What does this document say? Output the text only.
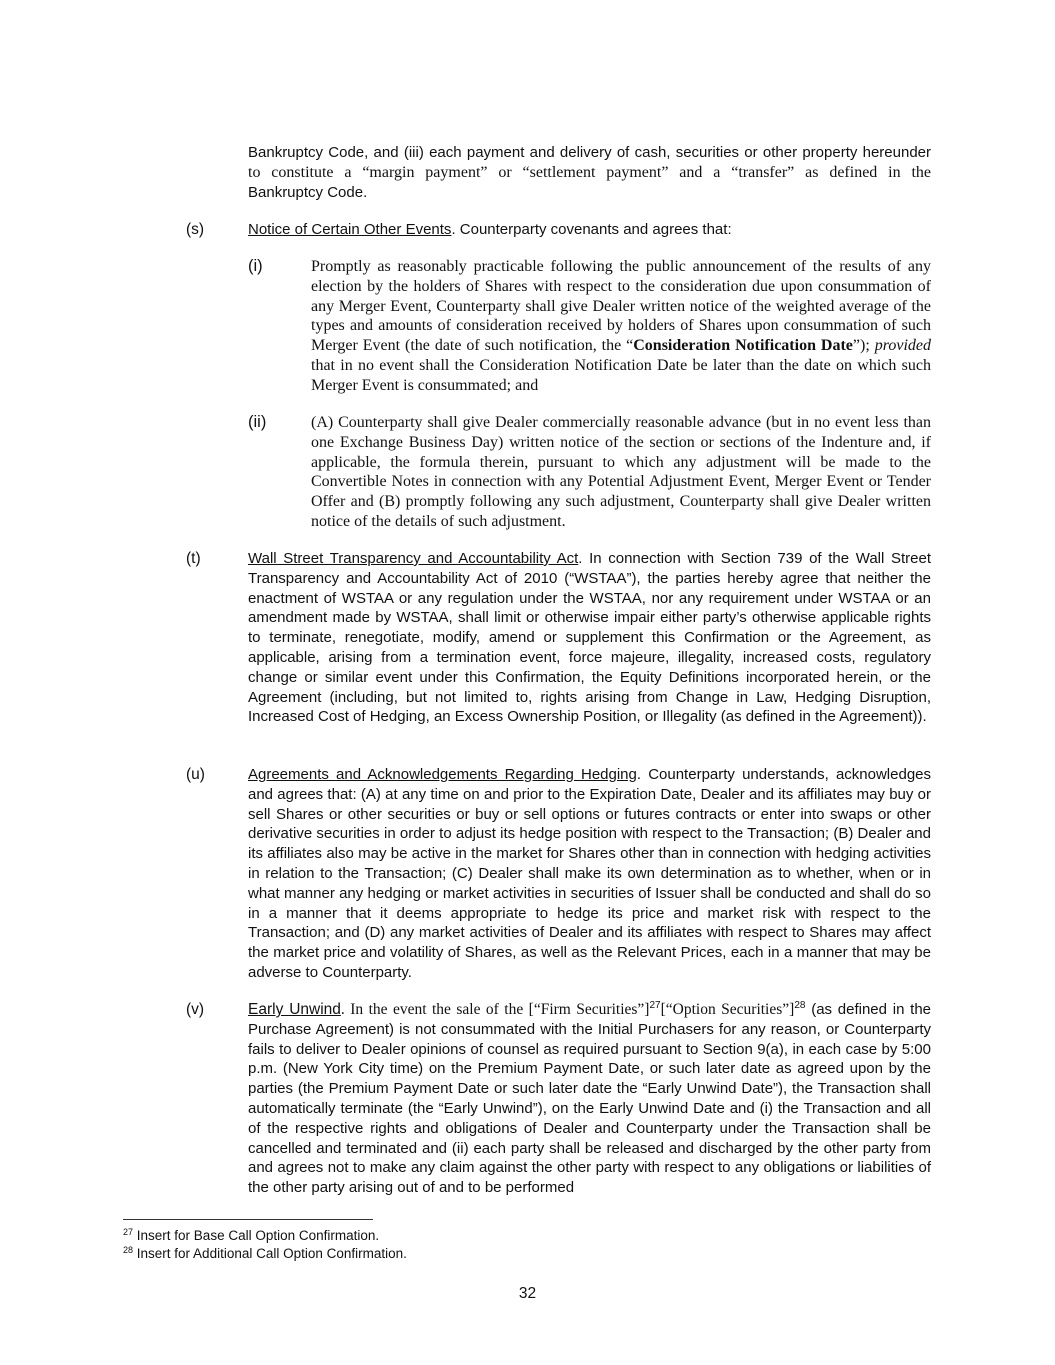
Bankruptcy Code, and (iii) each payment and delivery of cash, securities or other property hereunder
to constitute a “margin payment” or “settlement payment” and a “transfer” as defined in the
Bankruptcy Code.
(s)	Notice of Certain Other Events. Counterparty covenants and agrees that:
(i)	Promptly as reasonably practicable following the public announcement of the results of any election by the holders of Shares with respect to the consideration due upon consummation of any Merger Event, Counterparty shall give Dealer written notice of the weighted average of the types and amounts of consideration received by holders of Shares upon consummation of such Merger Event (the date of such notification, the “Consideration Notification Date”); provided that in no event shall the Consideration Notification Date be later than the date on which such Merger Event is consummated; and
(ii)	(A) Counterparty shall give Dealer commercially reasonable advance (but in no event less than one Exchange Business Day) written notice of the section or sections of the Indenture and, if applicable, the formula therein, pursuant to which any adjustment will be made to the Convertible Notes in connection with any Potential Adjustment Event, Merger Event or Tender Offer and (B) promptly following any such adjustment, Counterparty shall give Dealer written notice of the details of such adjustment.
(t)	Wall Street Transparency and Accountability Act. In connection with Section 739 of the Wall Street Transparency and Accountability Act of 2010 (“WSTAA”), the parties hereby agree that neither the enactment of WSTAA or any regulation under the WSTAA, nor any requirement under WSTAA or an amendment made by WSTAA, shall limit or otherwise impair either party’s otherwise applicable rights to terminate, renegotiate, modify, amend or supplement this Confirmation or the Agreement, as applicable, arising from a termination event, force majeure, illegality, increased costs, regulatory change or similar event under this Confirmation, the Equity Definitions incorporated herein, or the Agreement (including, but not limited to, rights arising from Change in Law, Hedging Disruption, Increased Cost of Hedging, an Excess Ownership Position, or Illegality (as defined in the Agreement)).
(u)	Agreements and Acknowledgements Regarding Hedging. Counterparty understands, acknowledges and agrees that: (A) at any time on and prior to the Expiration Date, Dealer and its affiliates may buy or sell Shares or other securities or buy or sell options or futures contracts or enter into swaps or other derivative securities in order to adjust its hedge position with respect to the Transaction; (B) Dealer and its affiliates also may be active in the market for Shares other than in connection with hedging activities in relation to the Transaction; (C) Dealer shall make its own determination as to whether, when or in what manner any hedging or market activities in securities of Issuer shall be conducted and shall do so in a manner that it deems appropriate to hedge its price and market risk with respect to the Transaction; and (D) any market activities of Dealer and its affiliates with respect to Shares may affect the market price and volatility of Shares, as well as the Relevant Prices, each in a manner that may be adverse to Counterparty.
(v)	Early Unwind. In the event the sale of the [“Firm Securities”]$^{27}$[“Option Securities”]$^{28}$ (as defined in the Purchase Agreement) is not consummated with the Initial Purchasers for any reason, or Counterparty fails to deliver to Dealer opinions of counsel as required pursuant to Section 9(a), in each case by 5:00 p.m. (New York City time) on the Premium Payment Date, or such later date as agreed upon by the parties (the Premium Payment Date or such later date the “Early Unwind Date”), the Transaction shall automatically terminate (the “Early Unwind”), on the Early Unwind Date and (i) the Transaction and all of the respective rights and obligations of Dealer and Counterparty under the Transaction shall be cancelled and terminated and (ii) each party shall be released and discharged by the other party from and agrees not to make any claim against the other party with respect to any obligations or liabilities of the other party arising out of and to be performed
$^{27}$ Insert for Base Call Option Confirmation.
$^{28}$ Insert for Additional Call Option Confirmation.
32
